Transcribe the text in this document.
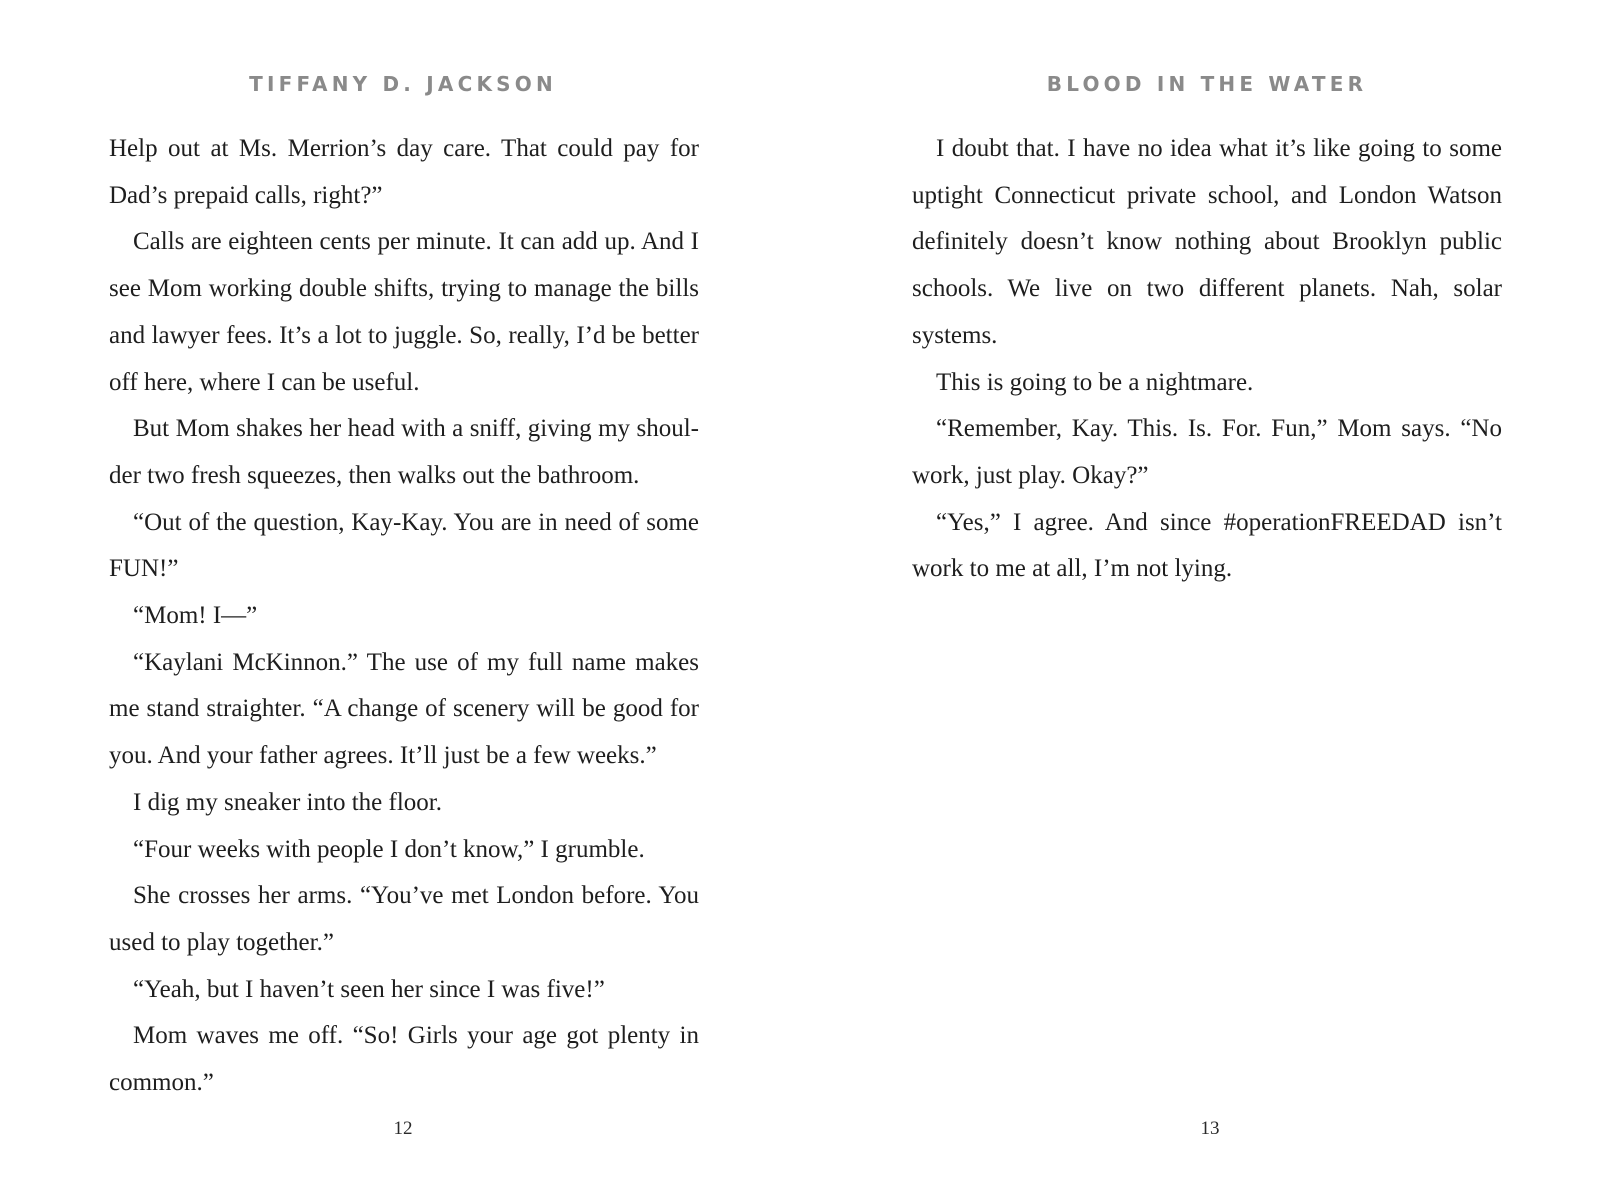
TIFFANY D. JACKSON

Help out at Ms. Merrion’s day care. That could pay for Dad’s prepaid calls, right?”

Calls are eighteen cents per minute. It can add up. And I see Mom working double shifts, trying to manage the bills and lawyer fees. It’s a lot to juggle. So, really, I’d be better off here, where I can be useful.

But Mom shakes her head with a sniff, giving my shoulder two fresh squeezes, then walks out the bathroom.

“Out of the question, Kay-Kay. You are in need of some FUN!”

“Mom! I—”

“Kaylani McKinnon.” The use of my full name makes me stand straighter. “A change of scenery will be good for you. And your father agrees. It’ll just be a few weeks.”

I dig my sneaker into the floor.

“Four weeks with people I don’t know,” I grumble.

She crosses her arms. “You’ve met London before. You used to play together.”

“Yeah, but I haven’t seen her since I was five!”

Mom waves me off. “So! Girls your age got plenty in common.”

12
BLOOD IN THE WATER

I doubt that. I have no idea what it’s like going to some uptight Connecticut private school, and London Watson definitely doesn’t know nothing about Brooklyn public schools. We live on two different planets. Nah, solar systems.

This is going to be a nightmare.

“Remember, Kay. This. Is. For. Fun,” Mom says. “No work, just play. Okay?”

“Yes,” I agree. And since #operationFREEDAD isn’t work to me at all, I’m not lying.

13
